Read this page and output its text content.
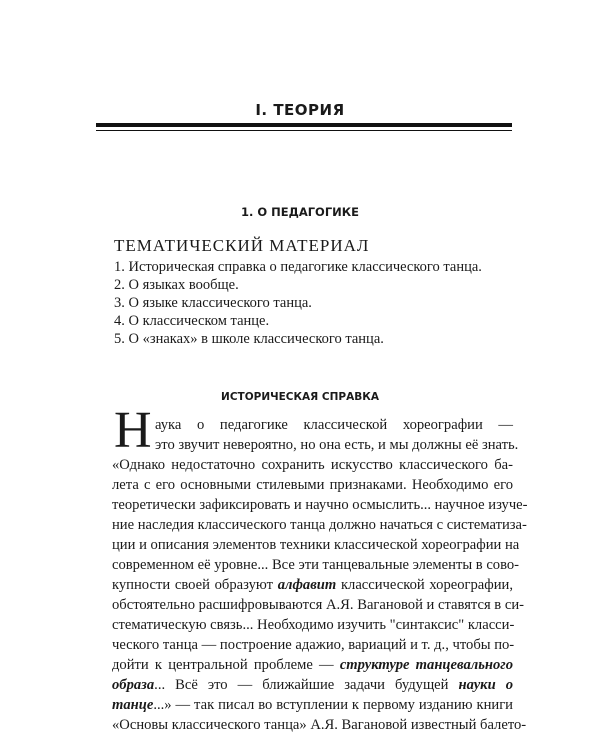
I. ТЕОРИЯ
1. О ПЕДАГОГИКЕ
ТЕМАТИЧЕСКИЙ МАТЕРИАЛ
1. Историческая справка о педагогике классического танца.
2. О языках вообще.
3. О языке классического танца.
4. О классическом танце.
5. О «знаках» в школе классического танца.
ИСТОРИЧЕСКАЯ СПРАВКА
Н аука о педагогике классической хореографии —
это звучит невероятно, но она есть, и мы должны её знать.
«Однако недостаточно сохранить искусство классического ба-
лета с его основными стилевыми признаками. Необходимо его
теоретически зафиксировать и научно осмыслить... научное изуче-
ние наследия классического танца должно начаться с систематиза-
ции и описания элементов техники классической хореографии на
современном её уровне... Все эти танцевальные элементы в сово-
купности своей образуют алфавит классической хореографии,
обстоятельно расшифровываются А.Я. Вагановой и ставятся в си-
стематическую связь... Необходимо изучить "синтаксис" класси-
ческого танца — построение адажио, вариаций и т. д., чтобы по-
дойти к центральной проблеме — структуре танцевального
образа... Всё это — ближайшие задачи будущей науки о
танце...» — так писал во вступлении к первому изданию книги
«Основы классического танца» А.Я. Вагановой известный балето-
